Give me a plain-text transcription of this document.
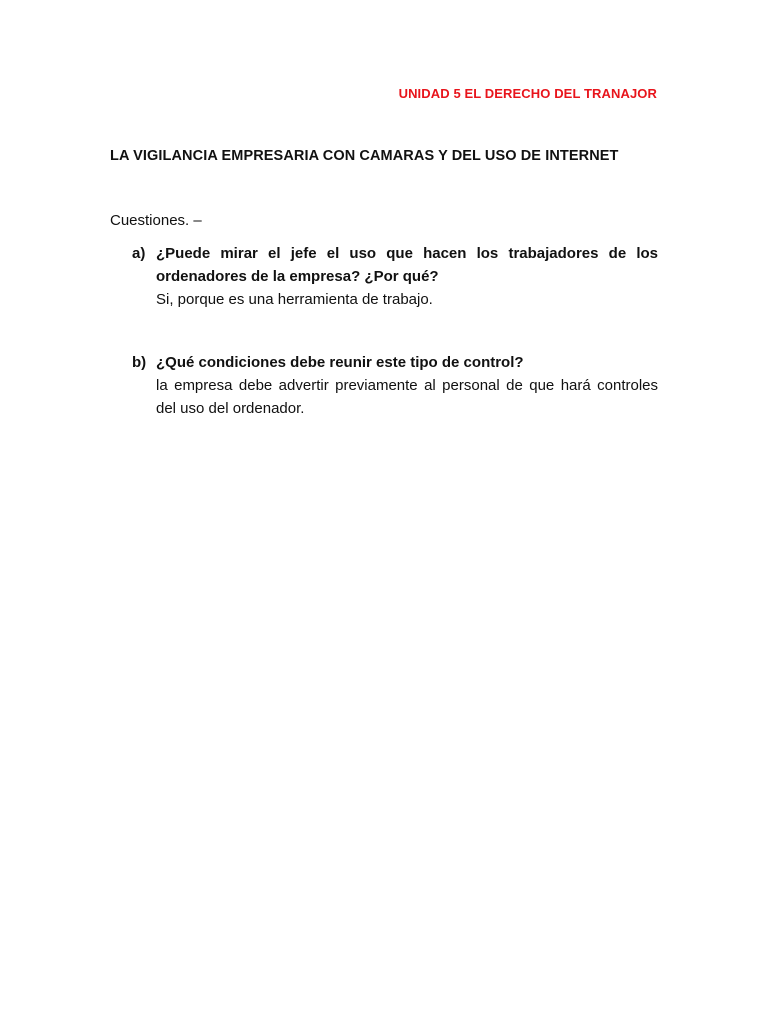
UNIDAD 5 EL DERECHO DEL TRANAJOR
LA VIGILANCIA EMPRESARIA CON CAMARAS Y DEL USO DE INTERNET
Cuestiones. –
a) ¿Puede mirar el jefe el uso que hacen los trabajadores de los ordenadores de la empresa? ¿Por qué?
Si, porque es una herramienta de trabajo.
b) ¿Qué condiciones debe reunir este tipo de control?
la empresa debe advertir previamente al personal de que hará controles del uso del ordenador.
